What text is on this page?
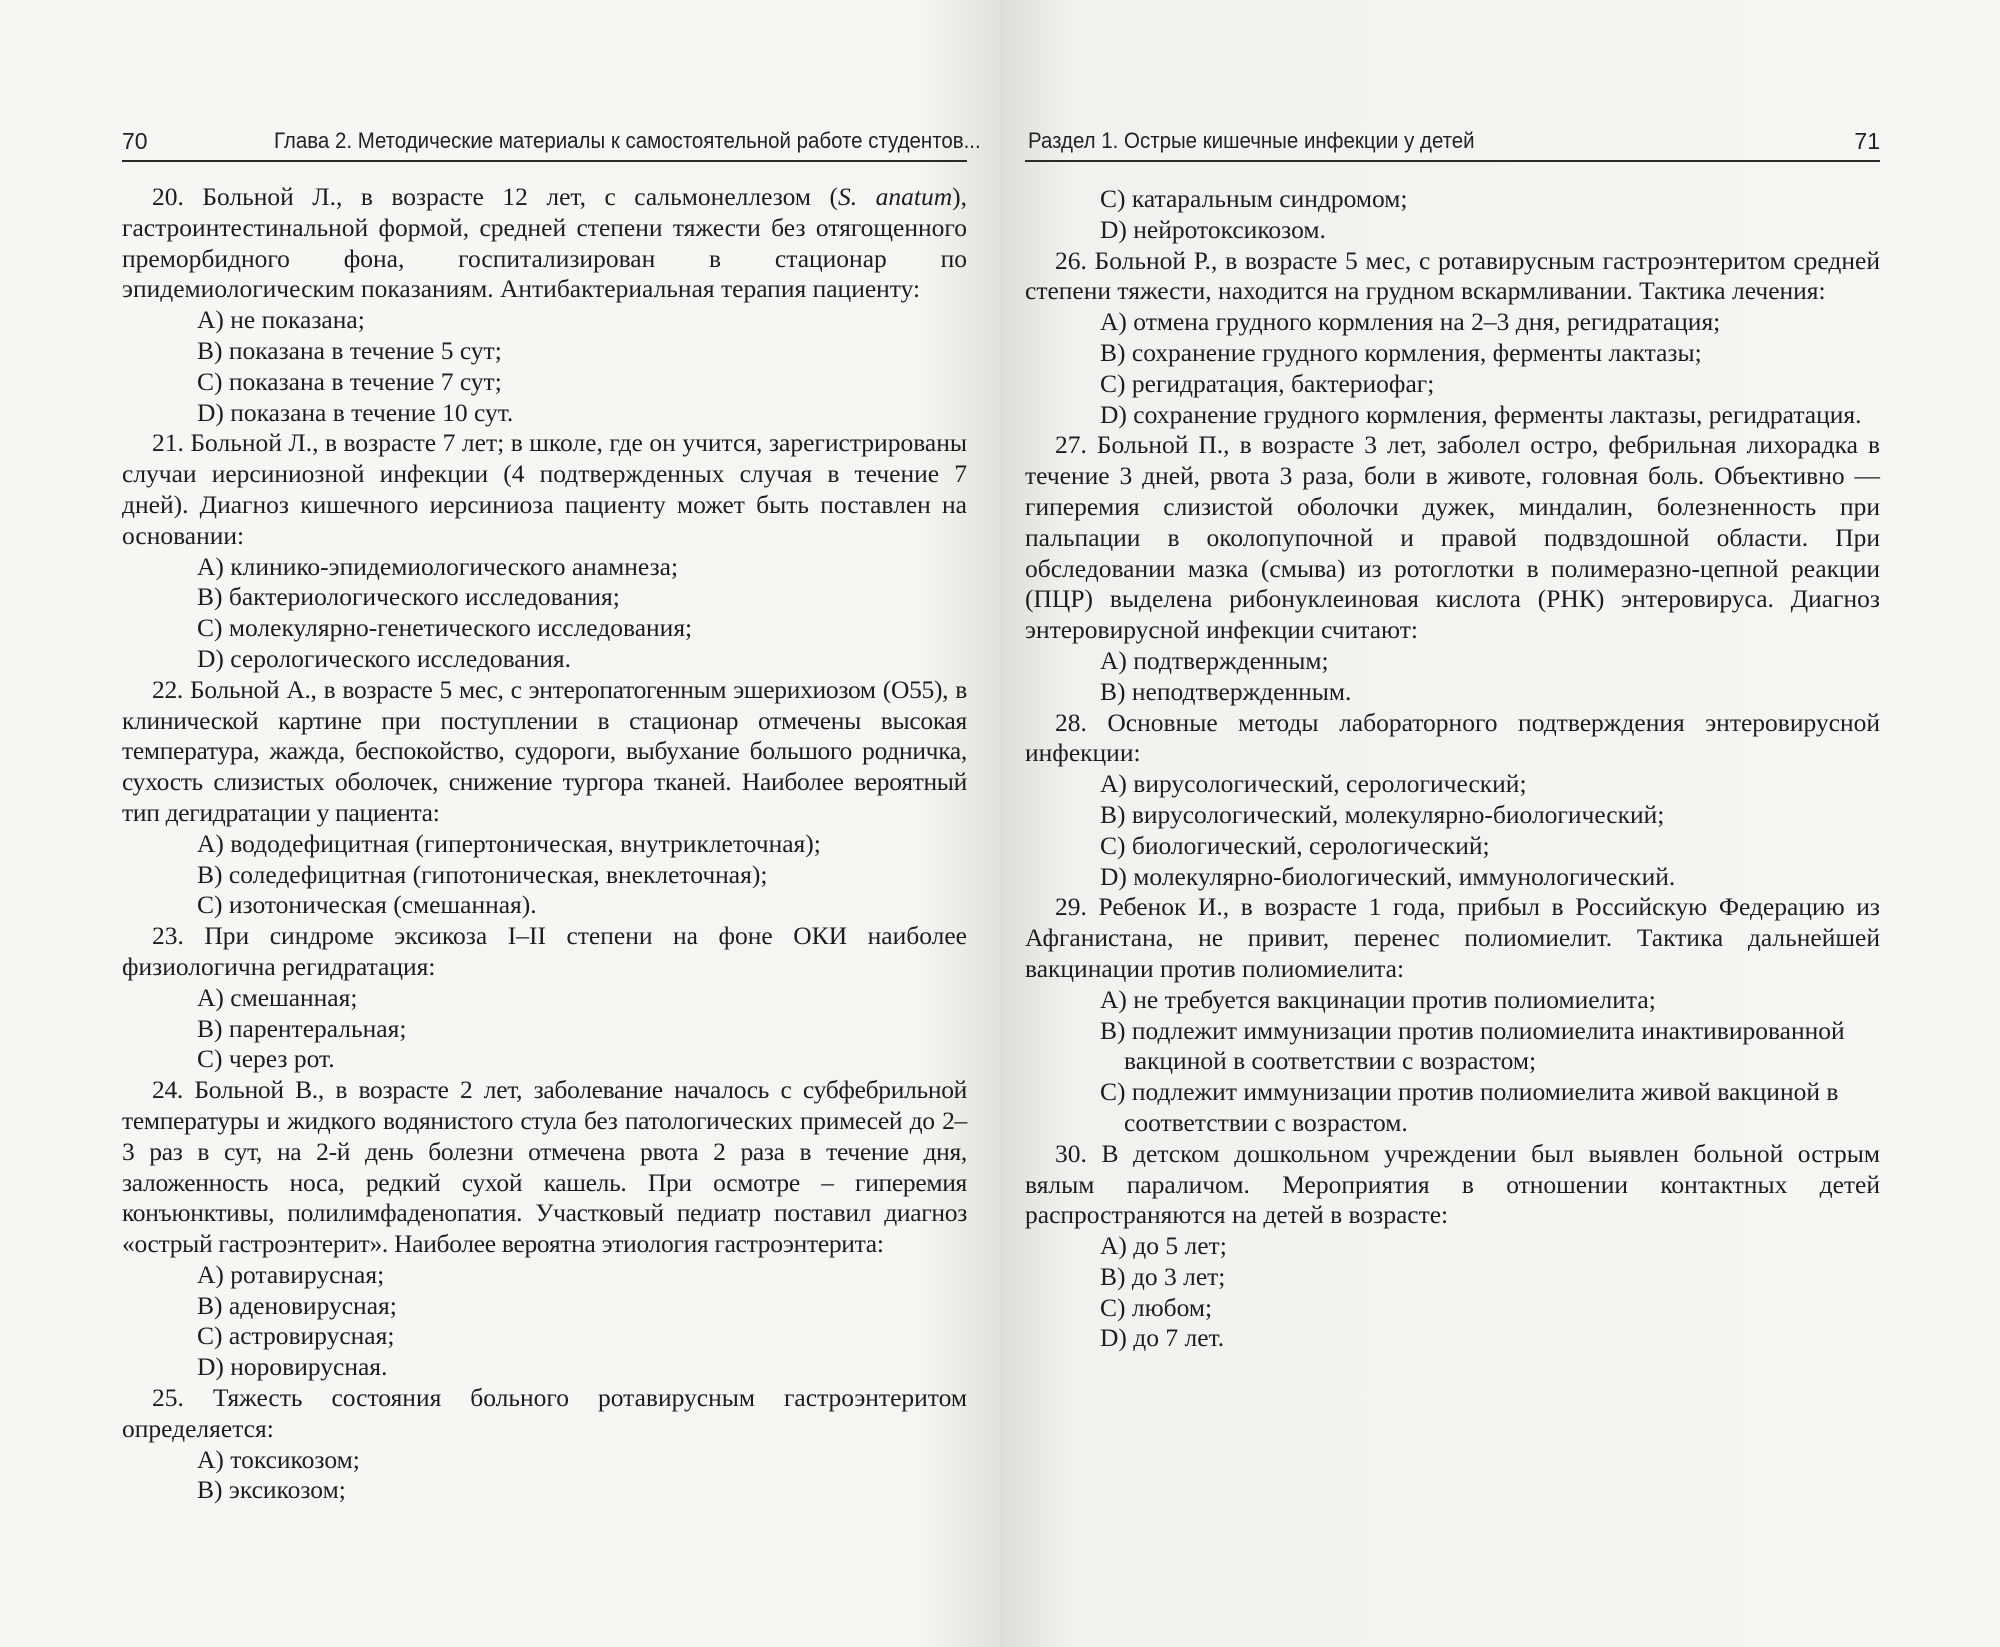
70	Глава 2. Методические материалы к самостоятельной работе студентов...

20. Больной Л., в возрасте 12 лет, с сальмонеллезом (S. anatum), гастроинтестинальной формой, средней степени тяжести без отягощенного преморбидного фона, госпитализирован в стационар по эпидемиологическим показаниям. Антибактериальная терапия пациенту:

A) не показана;

B) показана в течение 5 сут;

C) показана в течение 7 сут;

D) показана в течение 10 сут.

21. Больной Л., в возрасте 7 лет; в школе, где он учится, зарегистрированы случаи иерсиниозной инфекции (4 подтвержденных случая в течение 7 дней). Диагноз кишечного иерсиниоза пациенту может быть поставлен на основании:

A) клинико-эпидемиологического анамнеза;

B) бактериологического исследования;

C) молекулярно-генетического исследования;

D) серологического исследования.

22. Больной А., в возрасте 5 мес, с энтеропатогенным эшерихиозом (O55), в клинической картине при поступлении в стационар отмечены высокая температура, жажда, беспокойство, судороги, выбухание большого родничка, сухость слизистых оболочек, снижение тургора тканей. Наиболее вероятный тип дегидратации у пациента:

A) вододефицитная (гипертоническая, внутриклеточная);

B) соледефицитная (гипотоническая, внеклеточная);

C) изотоническая (смешанная).

23. При синдроме эксикоза I–II степени на фоне ОКИ наиболее физиологична регидратация:

A) смешанная;

B) парентеральная;

C) через рот.

24. Больной В., в возрасте 2 лет, заболевание началось с субфебрильной температуры и жидкого водянистого стула без патологических примесей до 2–3 раз в сут, на 2-й день болезни отмечена рвота 2 раза в течение дня, заложенность носа, редкий сухой кашель. При осмотре – гиперемия конъюнктивы, полилимфаденопатия. Участковый педиатр поставил диагноз «острый гастроэнтерит». Наиболее вероятна этиология гастроэнтерита:

A) ротавирусная;

B) аденовирусная;

C) астровирусная;

D) норовирусная.

25. Тяжесть состояния больного ротавирусным гастроэнтеритом определяется:

A) токсикозом;

B) эксикозом;

Раздел 1. Острые кишечные инфекции у детей	71

C) катаральным синдромом;

D) нейротоксикозом.

26. Больной Р., в возрасте 5 мес, с ротавирусным гастроэнтеритом средней степени тяжести, находится на грудном вскармливании. Тактика лечения:

A) отмена грудного кормления на 2–3 дня, регидратация;

B) сохранение грудного кормления, ферменты лактазы;

C) регидратация, бактериофаг;

D) сохранение грудного кормления, ферменты лактазы, регидратация.

27. Больной П., в возрасте 3 лет, заболел остро, фебрильная лихорадка в течение 3 дней, рвота 3 раза, боли в животе, головная боль. Объективно — гиперемия слизистой оболочки дужек, миндалин, болезненность при пальпации в околопупочной и правой подвздошной области. При обследовании мазка (смыва) из ротоглотки в полимеразно-цепной реакции (ПЦР) выделена рибонуклеиновая кислота (РНК) энтеровируса. Диагноз энтеровирусной инфекции считают:

A) подтвержденным;

B) неподтвержденным.

28. Основные методы лабораторного подтверждения энтеровирусной инфекции:

A) вирусологический, серологический;

B) вирусологический, молекулярно-биологический;

C) биологический, серологический;

D) молекулярно-биологический, иммунологический.

29. Ребенок И., в возрасте 1 года, прибыл в Российскую Федерацию из Афганистана, не привит, перенес полиомиелит. Тактика дальнейшей вакцинации против полиомиелита:

A) не требуется вакцинации против полиомиелита;

B) подлежит иммунизации против полиомиелита инактивированной вакциной в соответствии с возрастом;

C) подлежит иммунизации против полиомиелита живой вакциной в соответствии с возрастом.

30. В детском дошкольном учреждении был выявлен больной острым вялым параличом. Мероприятия в отношении контактных детей распространяются на детей в возрасте:

A) до 5 лет;

B) до 3 лет;

C) любом;

D) до 7 лет.
